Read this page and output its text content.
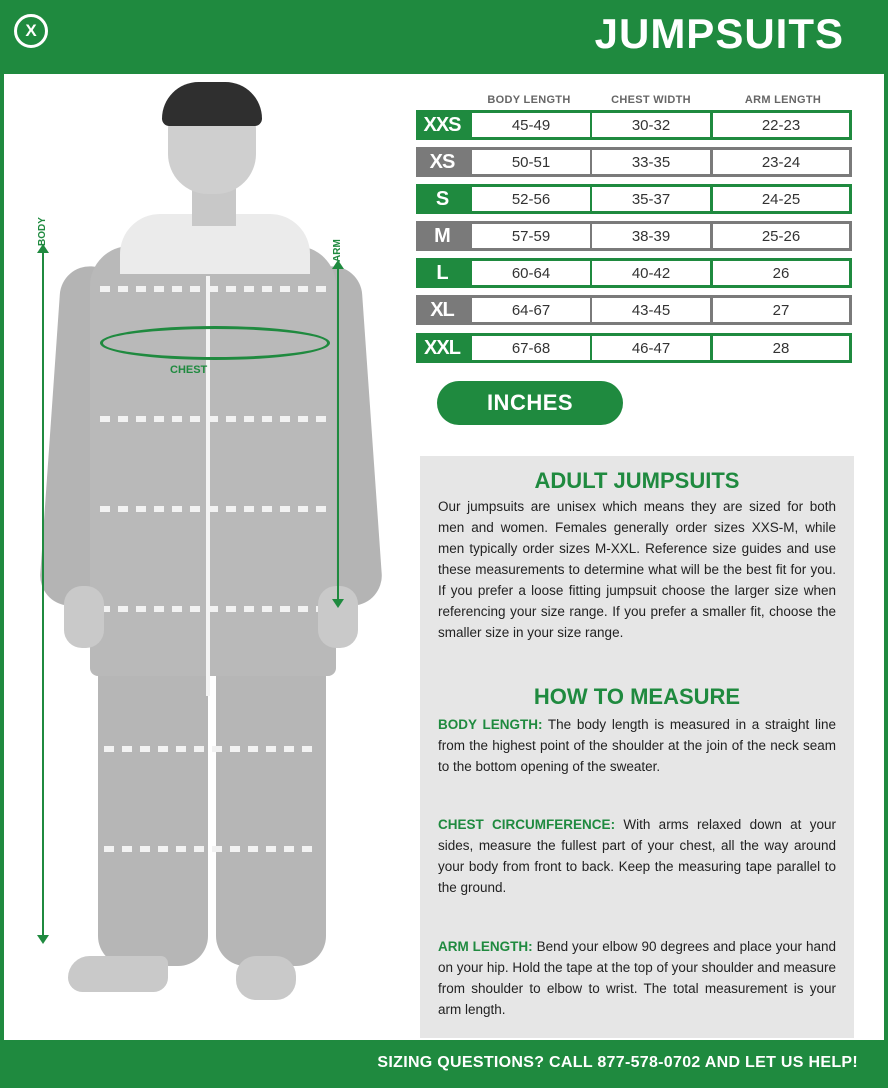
X	JUMPSUITS
CHEST
BODY
ARM
BODY LENGTH	CHEST WIDTH	ARM LENGTH
XXS	45-49	30-32	22-23
XS	50-51	33-35	23-24
S	52-56	35-37	24-25
M	57-59	38-39	25-26
L	60-64	40-42	26
XL	64-67	43-45	27
XXL	67-68	46-47	28
INCHES
ADULT JUMPSUITS
Our jumpsuits are unisex which means they are sized for both men and women. Females generally order sizes XXS-M, while men typically order sizes M-XXL. Reference size guides and use these measurements to determine what will be the best fit for you. If you prefer a loose fitting jumpsuit choose the larger size when referencing your size range. If you prefer a smaller fit, choose the smaller size in your size range.
HOW TO MEASURE
BODY LENGTH: The body length is measured in a straight line from the highest point of the shoulder at the join of the neck seam to the bottom opening of the sweater.
CHEST CIRCUMFERENCE: With arms relaxed down at your sides, measure the fullest part of your chest, all the way around your body from front to back. Keep the measuring tape parallel to the ground.
ARM LENGTH: Bend your elbow 90 degrees and place your hand on your hip. Hold the tape at the top of your shoulder and measure from shoulder to elbow to wrist. The total measurement is your arm length.
SIZING QUESTIONS? CALL 877-578-0702 AND LET US HELP!
